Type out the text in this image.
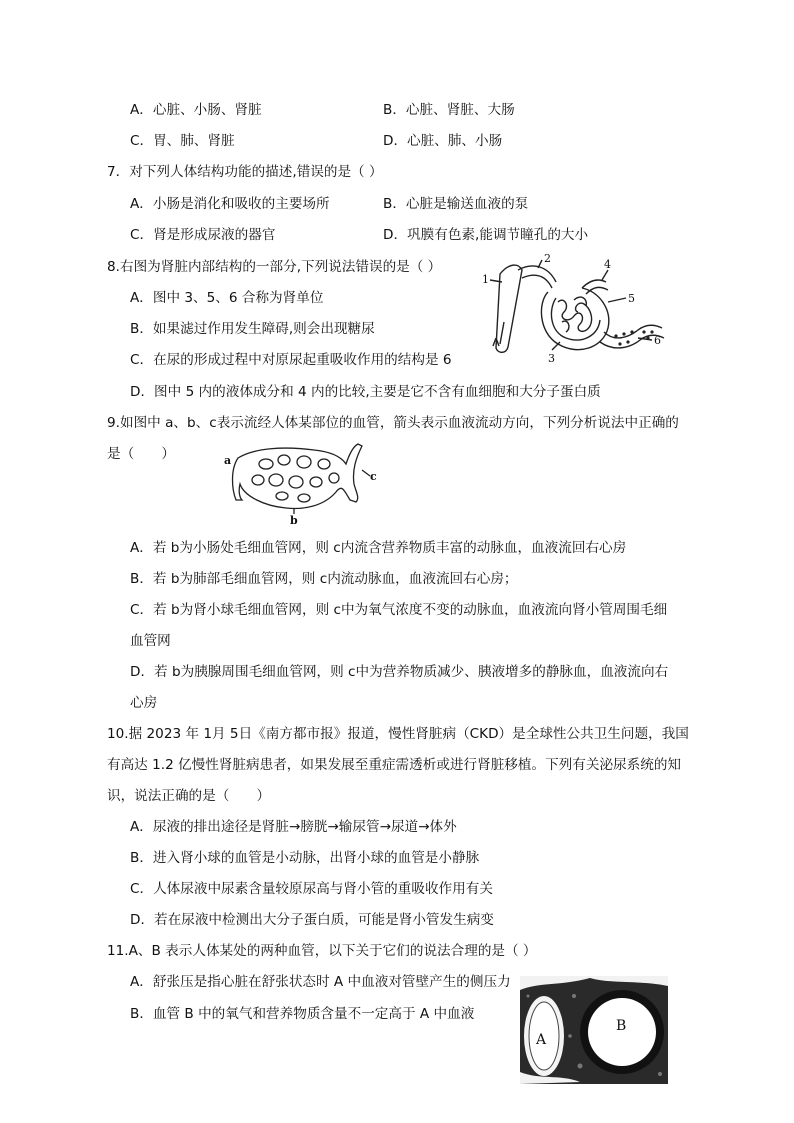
A．心脏、小肠、肾脏	B．心脏、肾脏、大肠
C．胃、肺、肾脏	D．心脏、肺、小肠
7．对下列人体结构功能的描述,错误的是（ ）
A．小肠是消化和吸收的主要场所	B．心脏是输送血液的泵
C．肾是形成尿液的器官	D．巩膜有色素,能调节瞳孔的大小
8.右图为肾脏内部结构的一部分,下列说法错误的是（ ）
A．图中 3、5、6 合称为肾单位
B．如果滤过作用发生障碍,则会出现糖尿
C．在尿的形成过程中对原尿起重吸收作用的结构是 6
D．图中 5 内的液体成分和 4 内的比较,主要是它不含有血细胞和大分子蛋白质
1
2
3
4
5
6
9.如图中 a、b、c表示流经人体某部位的血管，箭头表示血液流动方向，下列分析说法中正确的
是（　　）	a
b
c
A．若 b为小肠处毛细血管网，则 c内流含营养物质丰富的动脉血，血液流回右心房
B．若 b为肺部毛细血管网，则 c内流动脉血，血液流回右心房；
C．若 b为肾小球毛细血管网，则 c中为氧气浓度不变的动脉血，血液流向肾小管周围毛细
血管网
D．若 b为胰腺周围毛细血管网，则 c中为营养物质减少、胰液增多的静脉血，血液流向右
心房
10.据 2023 年 1月 5日《南方都市报》报道，慢性肾脏病（CKD）是全球性公共卫生问题，我国
有高达 1.2 亿慢性肾脏病患者，如果发展至重症需透析或进行肾脏移植。下列有关泌尿系统的知
识，说法正确的是（　　）
A．尿液的排出途径是肾脏→膀胱→输尿管→尿道→体外
B．进入肾小球的血管是小动脉，出肾小球的血管是小静脉
C．人体尿液中尿素含量较原尿高与肾小管的重吸收作用有关
D．若在尿液中检测出大分子蛋白质，可能是肾小管发生病变
11.A、B 表示人体某处的两种血管，以下关于它们的说法合理的是（ ）
A．舒张压是指心脏在舒张状态时 A 中血液对管壁产生的侧压力
B．血管 B 中的氧气和营养物质含量不一定高于 A 中血液
A
B
